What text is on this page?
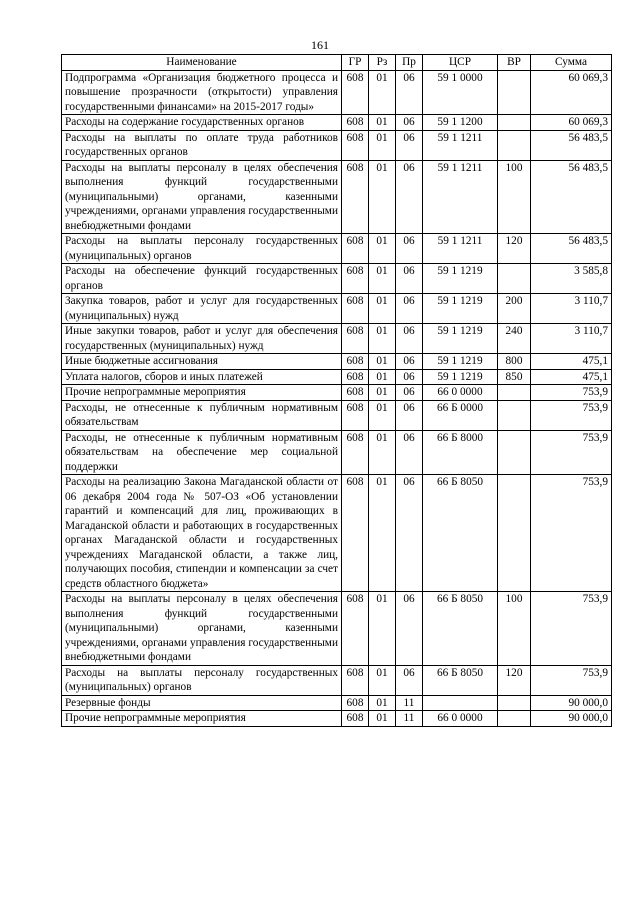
161
Наименование	ГР	Рз	Пр	ЦСР	ВР	Сумма
Подпрограмма «Организация бюджетного процесса и повышение прозрачности (открытости) управления государственными финансами» на 2015-2017 годы»	608	01	06	59 1 0000		60 069,3
Расходы на содержание государственных органов	608	01	06	59 1 1200		60 069,3
Расходы на выплаты по оплате труда работников государственных органов	608	01	06	59 1 1211		56 483,5
Расходы на выплаты персоналу в целях обеспечения выполнения функций государственными (муниципальными) органами, казенными учреждениями, органами управления государственными внебюджетными фондами	608	01	06	59 1 1211	100	56 483,5
Расходы на выплаты персоналу государственных (муниципальных) органов	608	01	06	59 1 1211	120	56 483,5
Расходы на обеспечение функций государственных органов	608	01	06	59 1 1219		3 585,8
Закупка товаров, работ и услуг для государственных (муниципальных) нужд	608	01	06	59 1 1219	200	3 110,7
Иные закупки товаров, работ и услуг для обеспечения государственных (муниципальных) нужд	608	01	06	59 1 1219	240	3 110,7
Иные бюджетные ассигнования	608	01	06	59 1 1219	800	475,1
Уплата налогов, сборов и иных платежей	608	01	06	59 1 1219	850	475,1
Прочие непрограммные мероприятия	608	01	06	66 0 0000		753,9
Расходы, не отнесенные к публичным нормативным обязательствам	608	01	06	66 Б 0000		753,9
Расходы, не отнесенные к публичным нормативным обязательствам на обеспечение мер социальной поддержки	608	01	06	66 Б 8000		753,9
Расходы на реализацию Закона Магаданской области от 06 декабря 2004 года № 507-ОЗ «Об установлении гарантий и компенсаций для лиц, проживающих в Магаданской области и работающих в государственных органах Магаданской области и государственных учреждениях Магаданской области, а также лиц, получающих пособия, стипендии и компенсации за счет средств областного бюджета»	608	01	06	66 Б 8050		753,9
Расходы на выплаты персоналу в целях обеспечения выполнения функций государственными (муниципальными) органами, казенными учреждениями, органами управления государственными внебюджетными фондами	608	01	06	66 Б 8050	100	753,9
Расходы на выплаты персоналу государственных (муниципальных) органов	608	01	06	66 Б 8050	120	753,9
Резервные фонды	608	01	11			90 000,0
Прочие непрограммные мероприятия	608	01	11	66 0 0000		90 000,0
